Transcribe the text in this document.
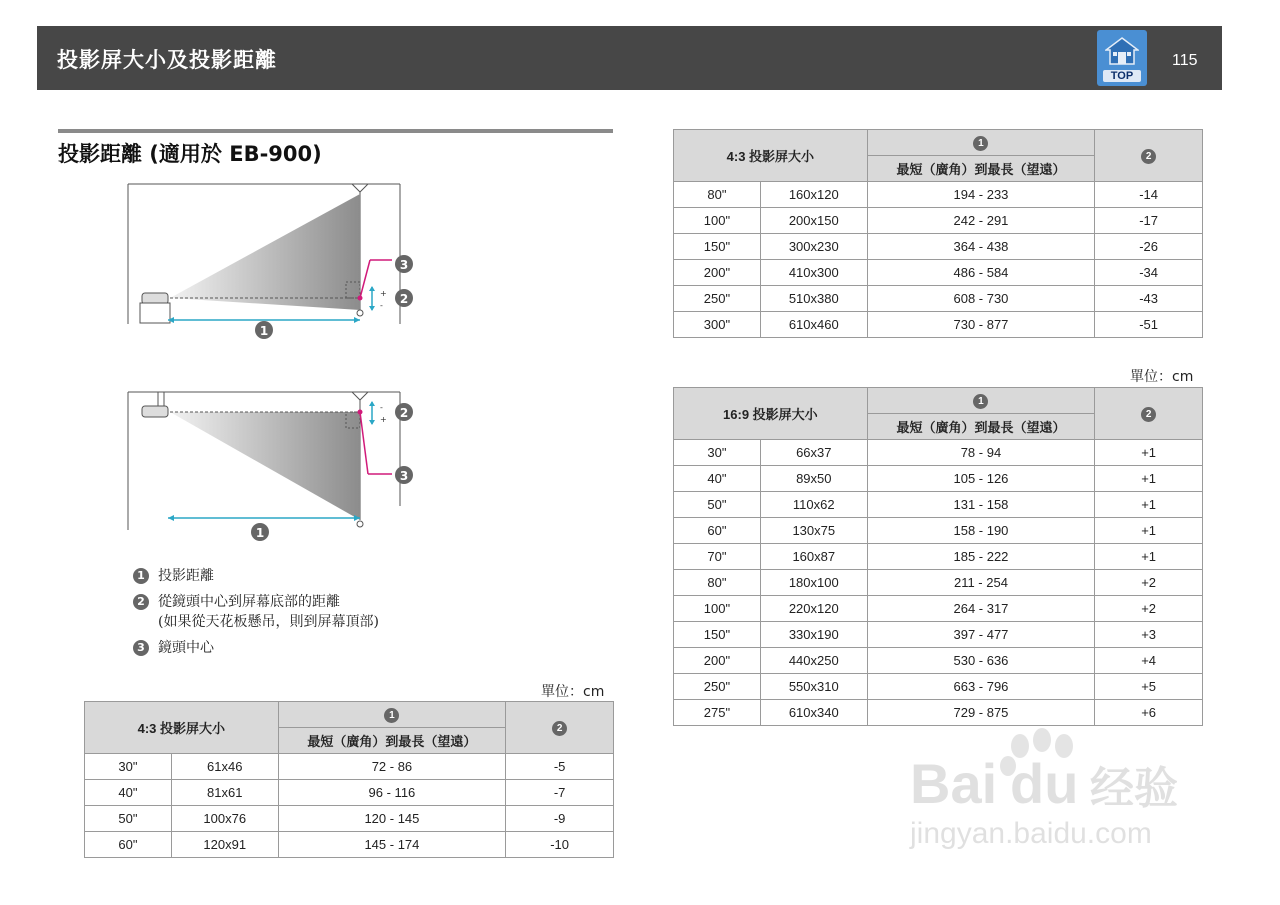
投影屏大小及投影距離
TOP
115
投影距離 (適用於 EB-900)
+
-
3
2
1
-
+ 2
3
1
1 投影距離
2 從鏡頭中心到屏幕底部的距離
(如果從天花板懸吊，則到屏幕頂部)
3 鏡頭中心
單位：cm
單位：cm
4:3 投影屏大小		1	2
		最短（廣角）到最長（望遠）	
30"	61x46	72 - 86	-5
40"	81x61	96 - 116	-7
50"	100x76	120 - 145	-9
60"	120x91	145 - 174	-10
4:3 投影屏大小		1	2
		最短（廣角）到最長（望遠）	
80"	160x120	194 - 233	-14
100"	200x150	242 - 291	-17
150"	300x230	364 - 438	-26
200"	410x300	486 - 584	-34
250"	510x380	608 - 730	-43
300"	610x460	730 - 877	-51
16:9 投影屏大小		1	2
		最短（廣角）到最長（望遠）	
30"	66x37	78 - 94	+1
40"	89x50	105 - 126	+1
50"	110x62	131 - 158	+1
60"	130x75	158 - 190	+1
70"	160x87	185 - 222	+1
80"	180x100	211 - 254	+2
100"	220x120	264 - 317	+2
150"	330x190	397 - 477	+3
200"	440x250	530 - 636	+4
250"	550x310	663 - 796	+5
275"	610x340	729 - 875	+6
Bai du 经验
jingyan.baidu.com
